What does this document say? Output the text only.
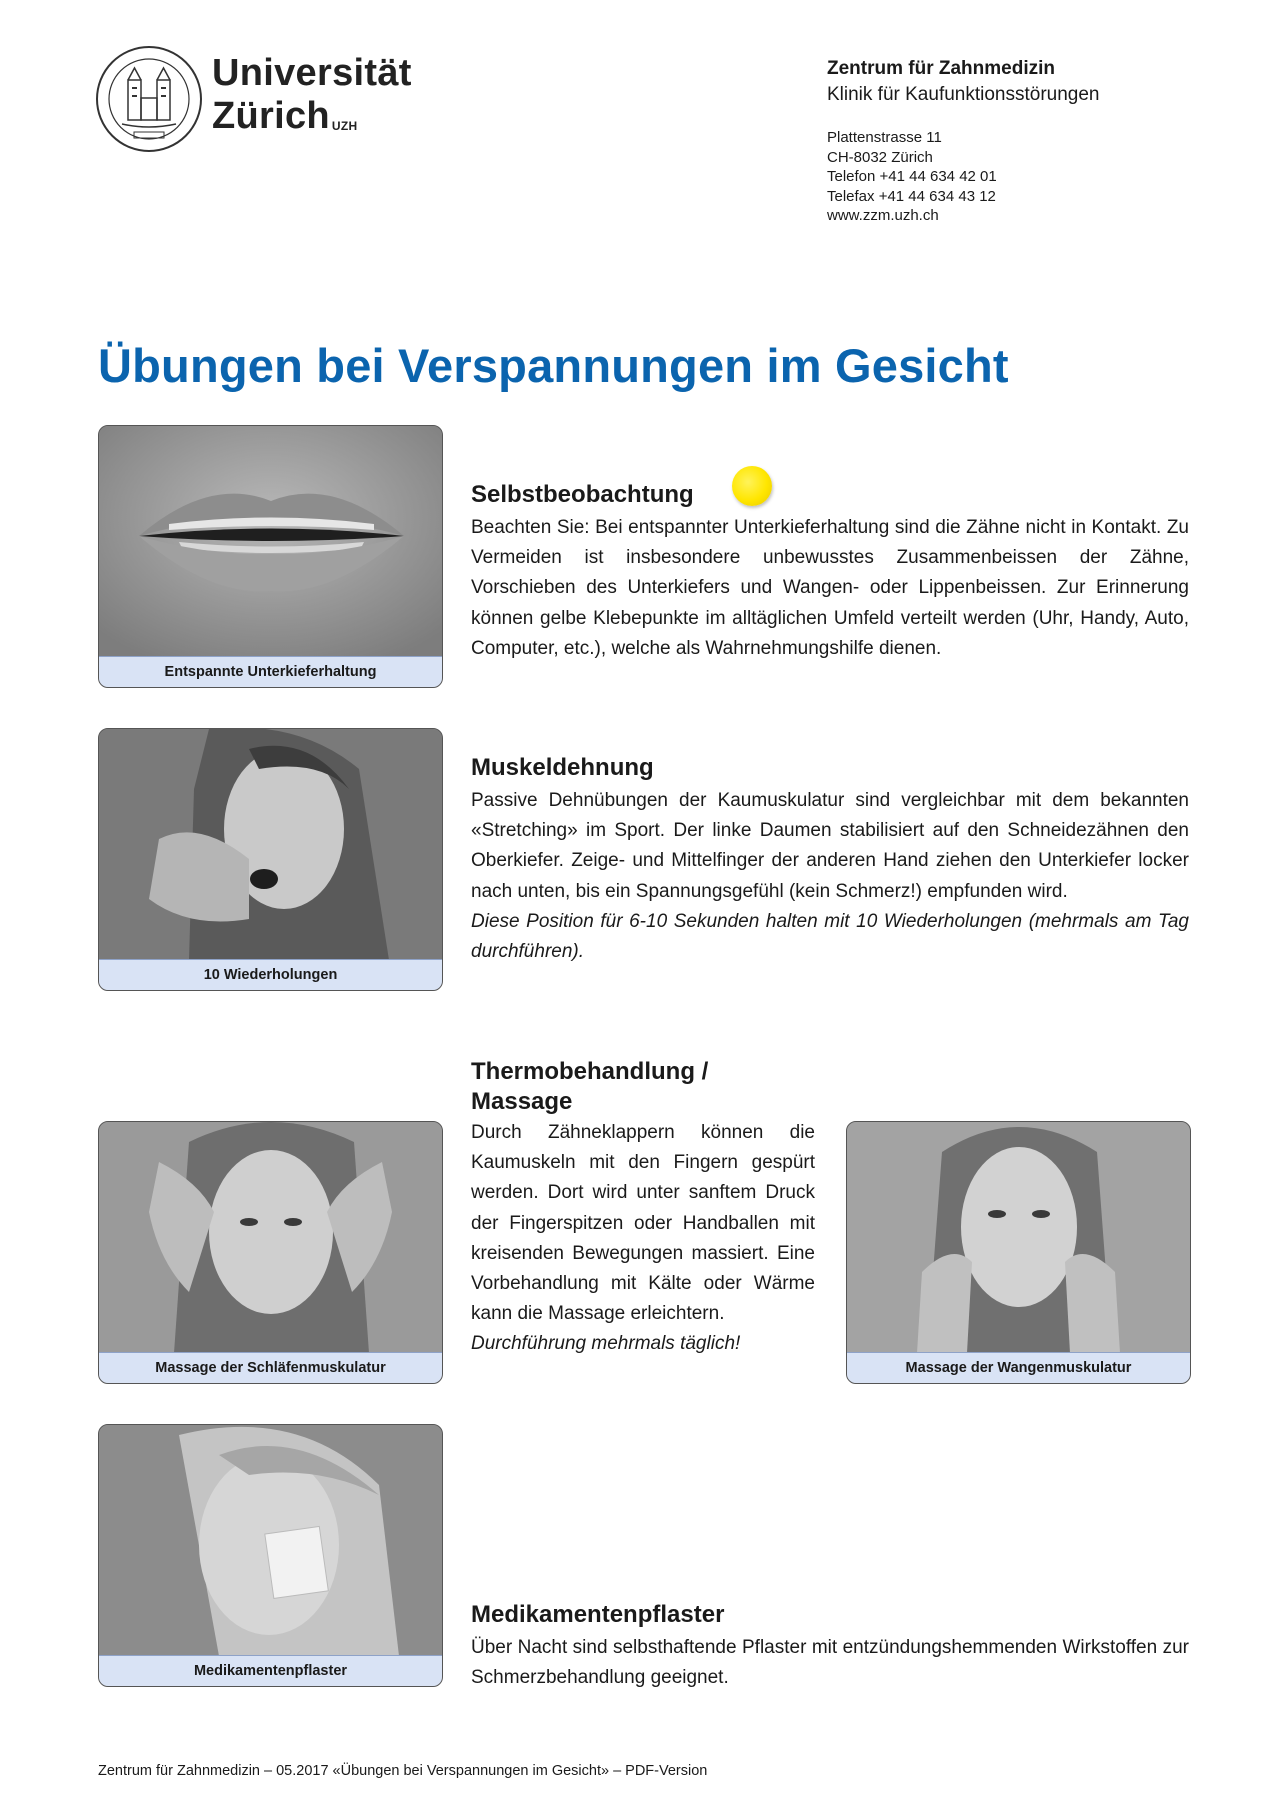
Universität
Zürich $^{UZH}$
Zentrum für Zahnmedizin
Klinik für Kaufunktionsstörungen
Plattenstrasse 11
CH-8032 Zürich
Telefon +41 44 634 42 01
Telefax +41 44 634 43 12
www.zzm.uzh.ch
Übungen bei Verspannungen im Gesicht
Entspannte Unterkieferhaltung
Selbstbeobachtung
Beachten Sie: Bei entspannter Unterkieferhaltung sind die Zähne nicht in Kontakt. Zu Vermeiden ist insbesondere unbewusstes Zusammenbeissen der Zähne, Vorschieben des Unterkiefers und Wangen- oder Lippenbeissen. Zur Erinnerung können gelbe Klebepunkte im alltäglichen Umfeld verteilt werden (Uhr, Handy, Auto, Computer, etc.), welche als Wahrnehmungshilfe dienen.
10 Wiederholungen
Muskeldehnung
Passive Dehnübungen der Kaumuskulatur sind vergleichbar mit dem bekannten «Stretching» im Sport. Der linke Daumen stabilisiert auf den Schneidezähnen den Oberkiefer. Zeige- und Mittelfinger der anderen Hand ziehen den Unterkiefer locker nach unten, bis ein Spannungsgefühl (kein Schmerz!) empfunden wird.
Diese Position für 6-10 Sekunden halten mit 10 Wiederholungen (mehrmals am Tag durchführen).
Thermobehandlung /
Massage
Massage der Schläfenmuskulatur
Durch Zähneklappern können die Kaumuskeln mit den Fingern gespürt werden. Dort wird unter sanftem Druck der Fingerspitzen oder Handballen mit kreisenden Bewegungen massiert. Eine Vorbehandlung mit Kälte oder Wärme kann die Massage erleichtern.
Durchführung mehrmals täglich!
Massage der Wangenmuskulatur
Medikamentenpflaster
Medikamentenpflaster
Über Nacht sind selbsthaftende Pflaster mit entzündungshemmenden Wirkstoffen zur Schmerzbehandlung geeignet.
Zentrum für Zahnmedizin – 05.2017 «Übungen bei Verspannungen im Gesicht» – PDF-Version
